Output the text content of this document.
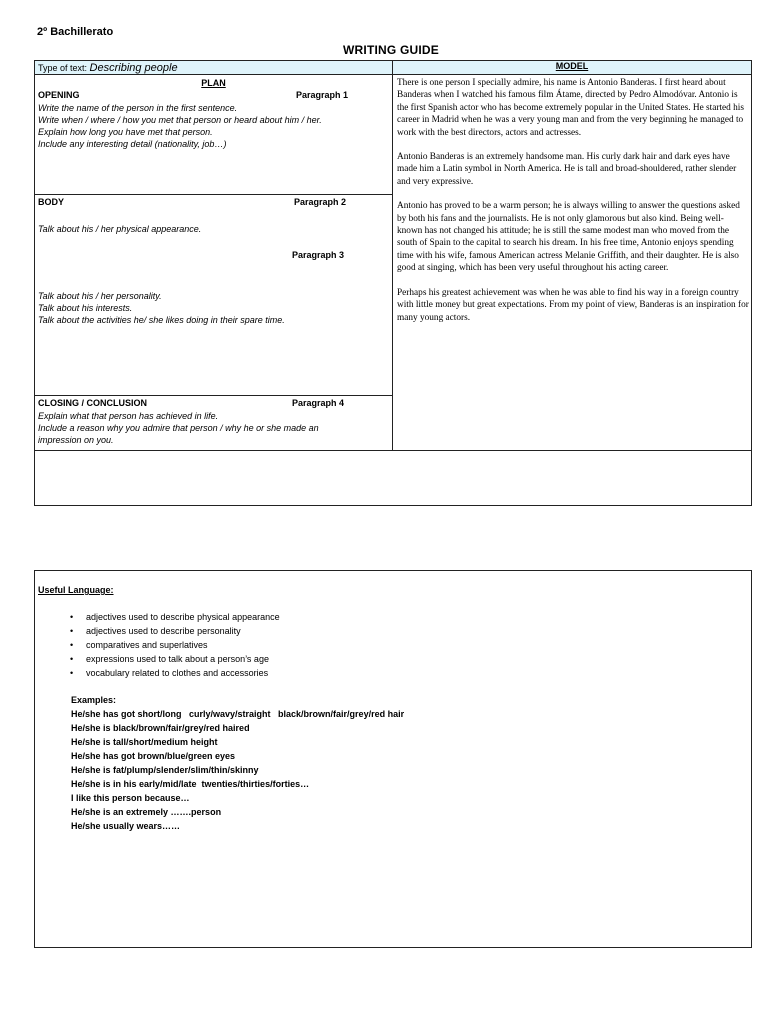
2º Bachillerato
WRITING GUIDE
Type of text: Describing people	MODEL
PLAN
OPENING	Paragraph 1
Write the name of the person in the first sentence.
Write when / where / how you met that person or heard about him / her.
Explain how long you have met that person.
Include any interesting detail (nationality, job…)
BODY	Paragraph 2
Talk about his / her physical appearance.
Paragraph 3
Talk about his / her personality.
Talk about his interests.
Talk about the activities he/ she likes doing in their spare time.
CLOSING / CONCLUSION	Paragraph 4
Explain what that person has achieved in life.
Include a reason why you admire that person / why he or she made an
impression on you.

There is one person I specially admire, his name is Antonio Banderas. I first heard about Banderas when I watched his famous film Átame, directed by Pedro Almodóvar. Antonio is the first Spanish actor who has become extremely popular in the United States. He started his career in Madrid when he was a very young man and from the very beginning he managed to work with the best directors, actors and actresses.

Antonio Banderas is an extremely handsome man. His curly dark hair and dark eyes have made him a Latin symbol in North America. He is tall and broad-shouldered, rather slender and very expressive.

Antonio has proved to be a warm person; he is always willing to answer the questions asked by both his fans and the journalists. He is not only glamorous but also kind. Being well-known has not changed his attitude; he is still the same modest man who moved from the south of Spain to the capital to search his dream. In his free time, Antonio enjoys spending time with his wife, famous American actress Melanie Griffith, and their daughter. He is also good at singing, which has been very useful throughout his acting career.

Perhaps his greatest achievement was when he was able to find his way in a foreign country with little money but great expectations. From my point of view, Banderas is an inspiration for many young actors.

Useful Language:
• adjectives used to describe physical appearance
• adjectives used to describe personality
• comparatives and superlatives
• expressions used to talk about a person’s age
• vocabulary related to clothes and accessories
Examples:
He/she has got short/long   curly/wavy/straight   black/brown/fair/grey/red hair
He/she is black/brown/fair/grey/red haired
He/she is tall/short/medium height
He/she has got brown/blue/green eyes
He/she is fat/plump/slender/slim/thin/skinny
He/she is in his early/mid/late  twenties/thirties/forties…
I like this person because…
He/she is an extremely …….person
He/she usually wears……
